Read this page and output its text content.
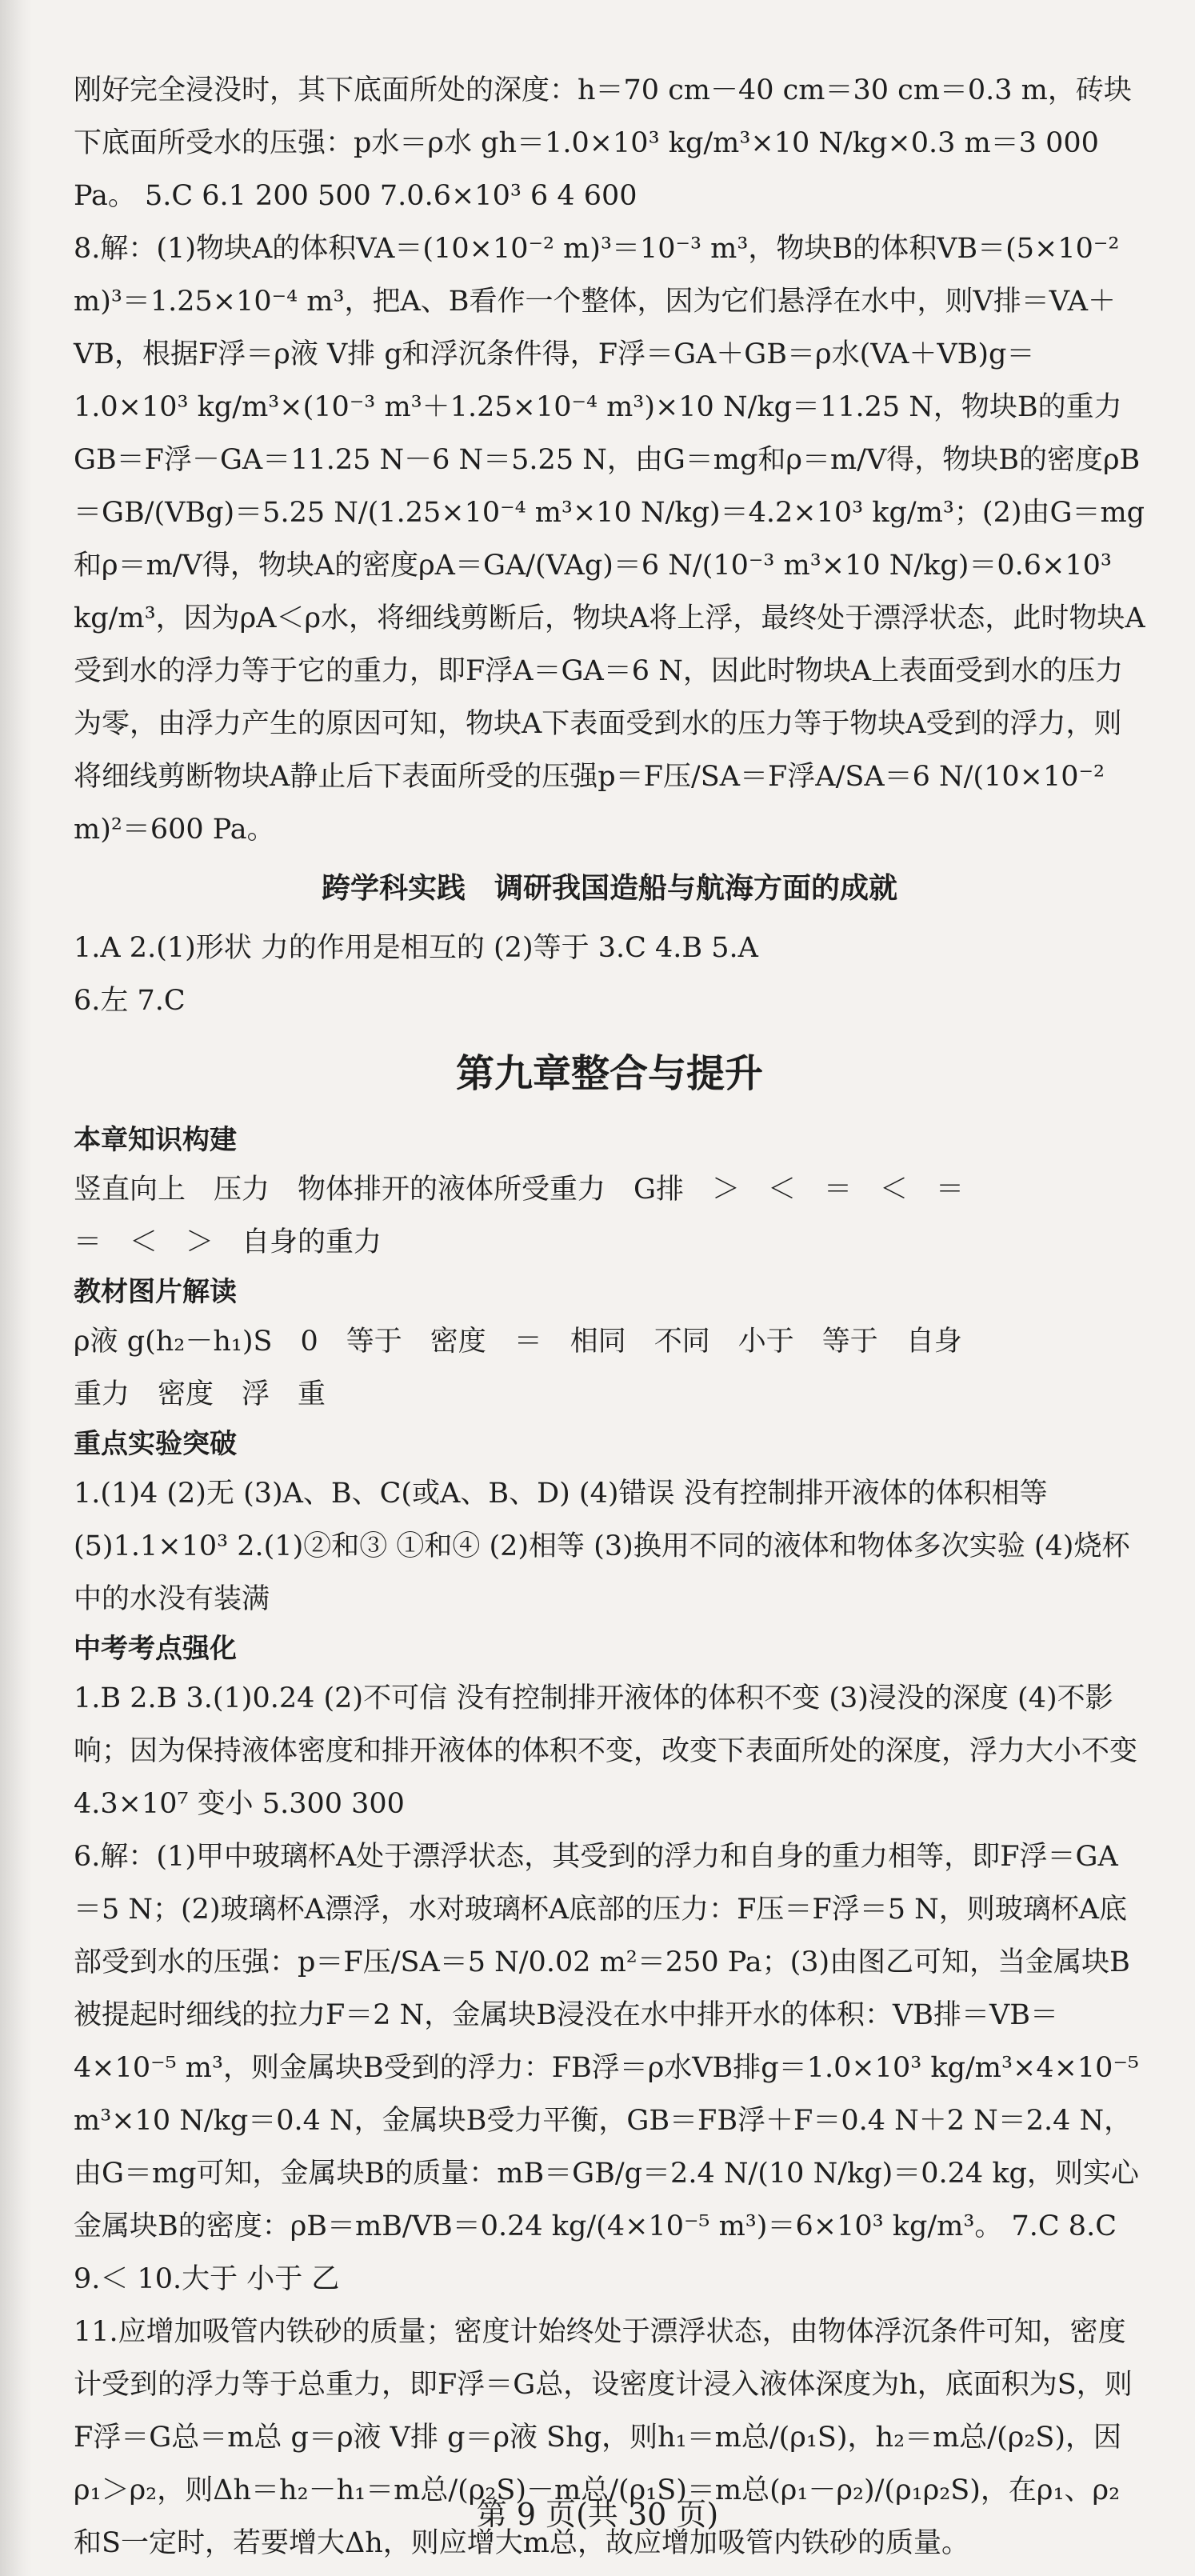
刚好完全浸没时，其下底面所处的深度：h＝70 cm－40 cm＝30 cm＝0.3 m，砖块下底面所受水的压强：p水＝ρ水 gh＝1.0×10³ kg/m³×10 N/kg×0.3 m＝3 000 Pa。 5.C 6.1 200 500 7.0.6×10³ 6 4 600

8.解：(1)物块A的体积VA＝(10×10⁻² m)³＝10⁻³ m³，物块B的体积VB＝(5×10⁻² m)³＝1.25×10⁻⁴ m³，把A、B看作一个整体，因为它们悬浮在水中，则V排＝VA＋VB，根据F浮＝ρ液 V排 g和浮沉条件得，F浮＝GA＋GB＝ρ水(VA＋VB)g＝1.0×10³ kg/m³×(10⁻³ m³＋1.25×10⁻⁴ m³)×10 N/kg＝11.25 N，物块B的重力GB＝F浮－GA＝11.25 N－6 N＝5.25 N，由G＝mg和ρ＝m/V得，物块B的密度ρB＝GB/(VBg)＝5.25 N/(1.25×10⁻⁴ m³×10 N/kg)＝4.2×10³ kg/m³；(2)由G＝mg和ρ＝m/V得，物块A的密度ρA＝GA/(VAg)＝6 N/(10⁻³ m³×10 N/kg)＝0.6×10³ kg/m³，因为ρA＜ρ水，将细线剪断后，物块A将上浮，最终处于漂浮状态，此时物块A受到水的浮力等于它的重力，即F浮A＝GA＝6 N，因此时物块A上表面受到水的压力为零，由浮力产生的原因可知，物块A下表面受到水的压力等于物块A受到的浮力，则将细线剪断物块A静止后下表面所受的压强p＝F压/SA＝F浮A/SA＝6 N/(10×10⁻² m)²＝600 Pa。

跨学科实践　调研我国造船与航海方面的成就

1.A 2.(1)形状 力的作用是相互的 (2)等于 3.C 4.B 5.A

6.左 7.C

第九章整合与提升
本章知识构建

竖直向上　压力　物体排开的液体所受重力　G排　＞　＜　＝　＜　＝

＝　＜　＞　自身的重力

教材图片解读

ρ液 g(h₂－h₁)S　0　等于　密度　＝　相同　不同　小于　等于　自身

重力　密度　浮　重

重点实验突破

1.(1)4 (2)无 (3)A、B、C(或A、B、D) (4)错误 没有控制排开液体的体积相等 (5)1.1×10³ 2.(1)②和③ ①和④ (2)相等 (3)换用不同的液体和物体多次实验 (4)烧杯中的水没有装满

中考考点强化

1.B 2.B 3.(1)0.24 (2)不可信 没有控制排开液体的体积不变 (3)浸没的深度 (4)不影响；因为保持液体密度和排开液体的体积不变，改变下表面所处的深度，浮力大小不变 4.3×10⁷ 变小 5.300 300

6.解：(1)甲中玻璃杯A处于漂浮状态，其受到的浮力和自身的重力相等，即F浮＝GA＝5 N；(2)玻璃杯A漂浮，水对玻璃杯A底部的压力：F压＝F浮＝5 N，则玻璃杯A底部受到水的压强：p＝F压/SA＝5 N/0.02 m²＝250 Pa；(3)由图乙可知，当金属块B被提起时细线的拉力F＝2 N，金属块B浸没在水中排开水的体积：VB排＝VB＝4×10⁻⁵ m³，则金属块B受到的浮力：FB浮＝ρ水VB排g＝1.0×10³ kg/m³×4×10⁻⁵ m³×10 N/kg＝0.4 N，金属块B受力平衡，GB＝FB浮＋F＝0.4 N＋2 N＝2.4 N，由G＝mg可知，金属块B的质量：mB＝GB/g＝2.4 N/(10 N/kg)＝0.24 kg，则实心金属块B的密度：ρB＝mB/VB＝0.24 kg/(4×10⁻⁵ m³)＝6×10³ kg/m³。 7.C 8.C 9.＜ 10.大于 小于 乙

11.应增加吸管内铁砂的质量；密度计始终处于漂浮状态，由物体浮沉条件可知，密度计受到的浮力等于总重力，即F浮＝G总，设密度计浸入液体深度为h，底面积为S，则F浮＝G总＝m总 g＝ρ液 V排 g＝ρ液 Shg，则h₁＝m总/(ρ₁S)，h₂＝m总/(ρ₂S)，因ρ₁＞ρ₂，则Δh＝h₂－h₁＝m总/(ρ₂S)－m总/(ρ₁S)＝m总(ρ₁－ρ₂)/(ρ₁ρ₂S)，在ρ₁、ρ₂和S一定时，若要增大Δh，则应增大m总，故应增加吸管内铁砂的质量。

第 9 页(共 30 页)
